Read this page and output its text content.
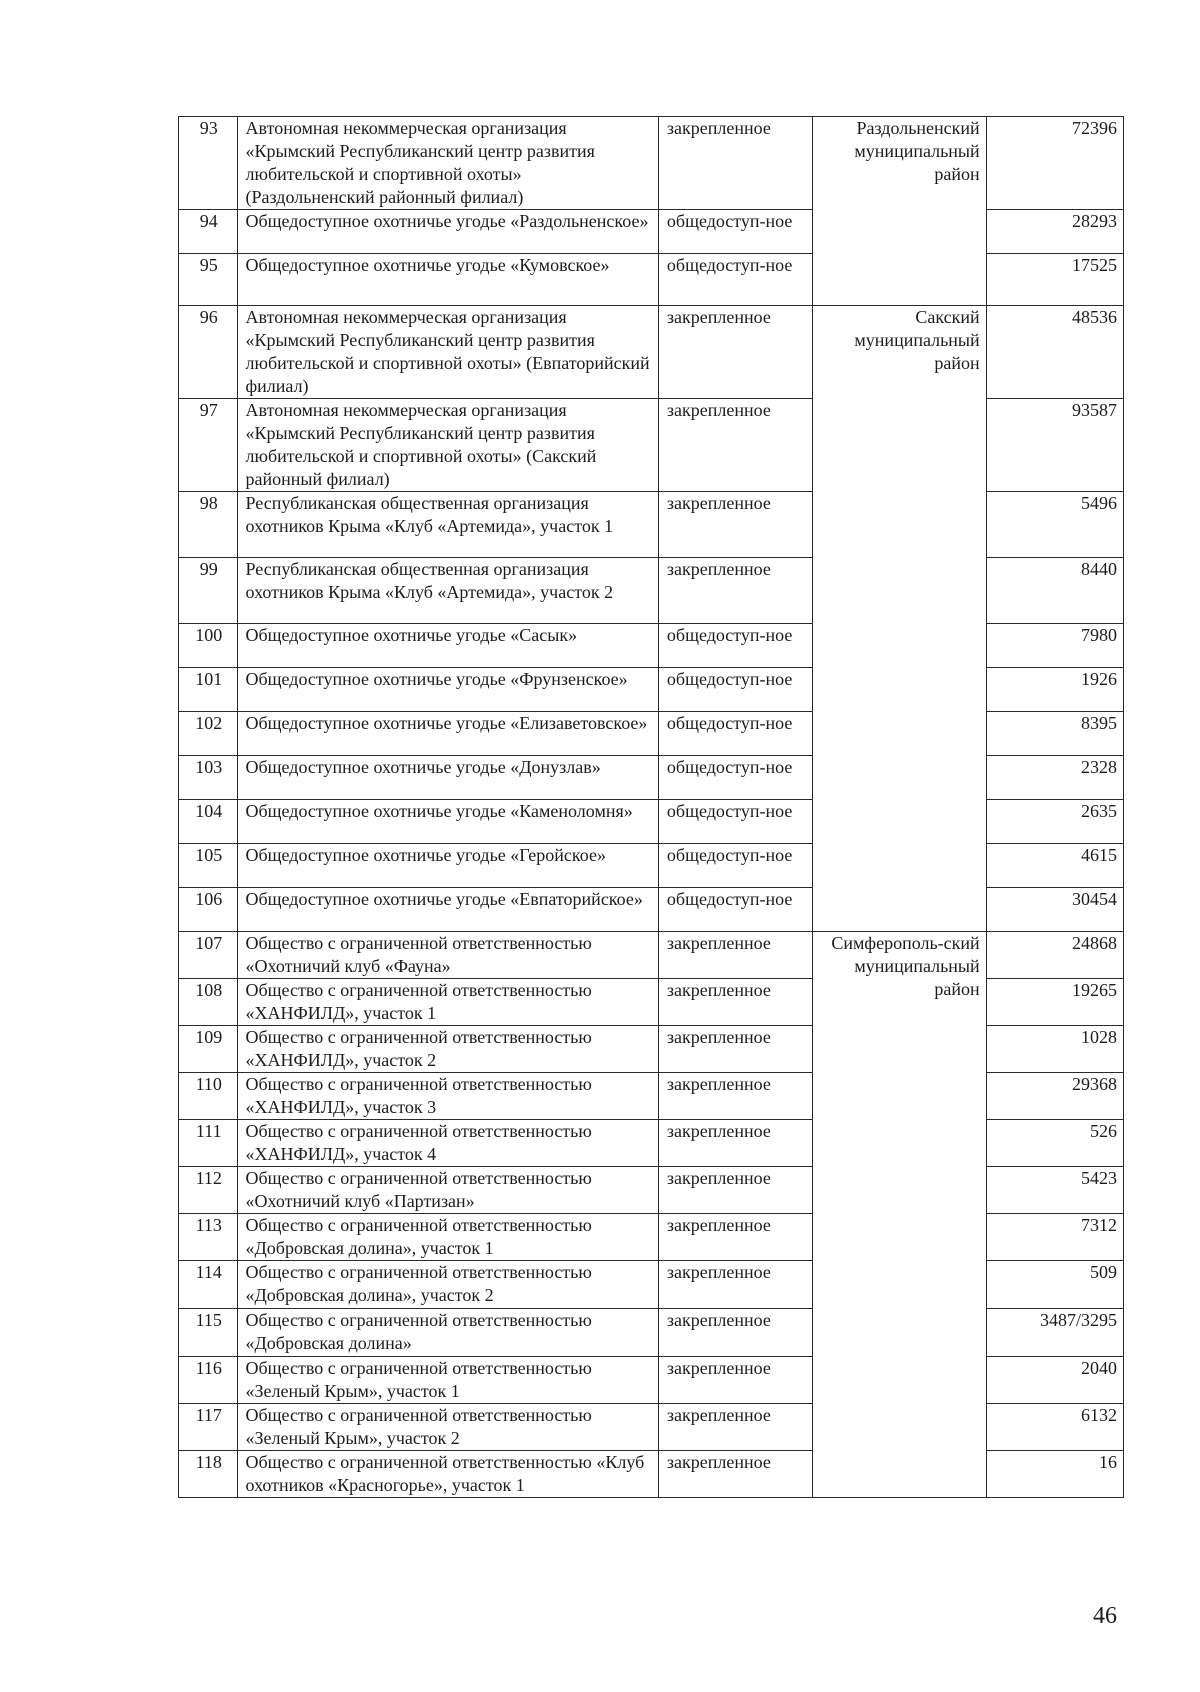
93	Автономная некоммерческая организация «Крымский Республиканский центр развития любительской и спортивной охоты» (Раздольненский районный филиал)	закрепленное	Раздольненский муниципальный район	72396
94	Общедоступное охотничье угодье «Раздольненское»	общедоступ-ное		28293
95	Общедоступное охотничье угодье «Кумовское»	общедоступ-ное		17525
96	Автономная некоммерческая организация «Крымский Республиканский центр развития любительской и спортивной охоты» (Евпаторийский филиал)	закрепленное	Сакский муниципальный район	48536
97	Автономная некоммерческая организация «Крымский Республиканский центр развития любительской и спортивной охоты» (Сакский районный филиал)	закрепленное		93587
98	Республиканская общественная организация охотников Крыма «Клуб «Артемида», участок 1	закрепленное		5496
99	Республиканская общественная организация охотников Крыма «Клуб «Артемида», участок 2	закрепленное		8440
100	Общедоступное охотничье угодье «Сасык»	общедоступ-ное		7980
101	Общедоступное охотничье угодье «Фрунзенское»	общедоступ-ное		1926
102	Общедоступное охотничье угодье «Елизаветовское»	общедоступ-ное		8395
103	Общедоступное охотничье угодье «Донузлав»	общедоступ-ное		2328
104	Общедоступное охотничье угодье «Каменоломня»	общедоступ-ное		2635
105	Общедоступное охотничье угодье «Геройское»	общедоступ-ное		4615
106	Общедоступное охотничье угодье «Евпаторийское»	общедоступ-ное		30454
107	Общество с ограниченной ответственностью «Охотничий клуб «Фауна»	закрепленное	Симферополь-ский муниципальный район	24868
108	Общество с ограниченной ответственностью «ХАНФИЛД», участок 1	закрепленное		19265
109	Общество с ограниченной ответственностью «ХАНФИЛД», участок 2	закрепленное		1028
110	Общество с ограниченной ответственностью «ХАНФИЛД», участок 3	закрепленное		29368
111	Общество с ограниченной ответственностью «ХАНФИЛД», участок 4	закрепленное		526
112	Общество с ограниченной ответственностью «Охотничий клуб «Партизан»	закрепленное		5423
113	Общество с ограниченной ответственностью «Добровская долина», участок 1	закрепленное		7312
114	Общество с ограниченной ответственностью «Добровская долина», участок 2	закрепленное		509
115	Общество с ограниченной ответственностью «Добровская долина»	закрепленное		3487/3295
116	Общество с ограниченной ответственностью «Зеленый Крым», участок 1	закрепленное		2040
117	Общество с ограниченной ответственностью «Зеленый Крым», участок 2	закрепленное		6132
118	Общество с ограниченной ответственностью «Клуб охотников «Красногорье», участок 1	закрепленное		16
46
